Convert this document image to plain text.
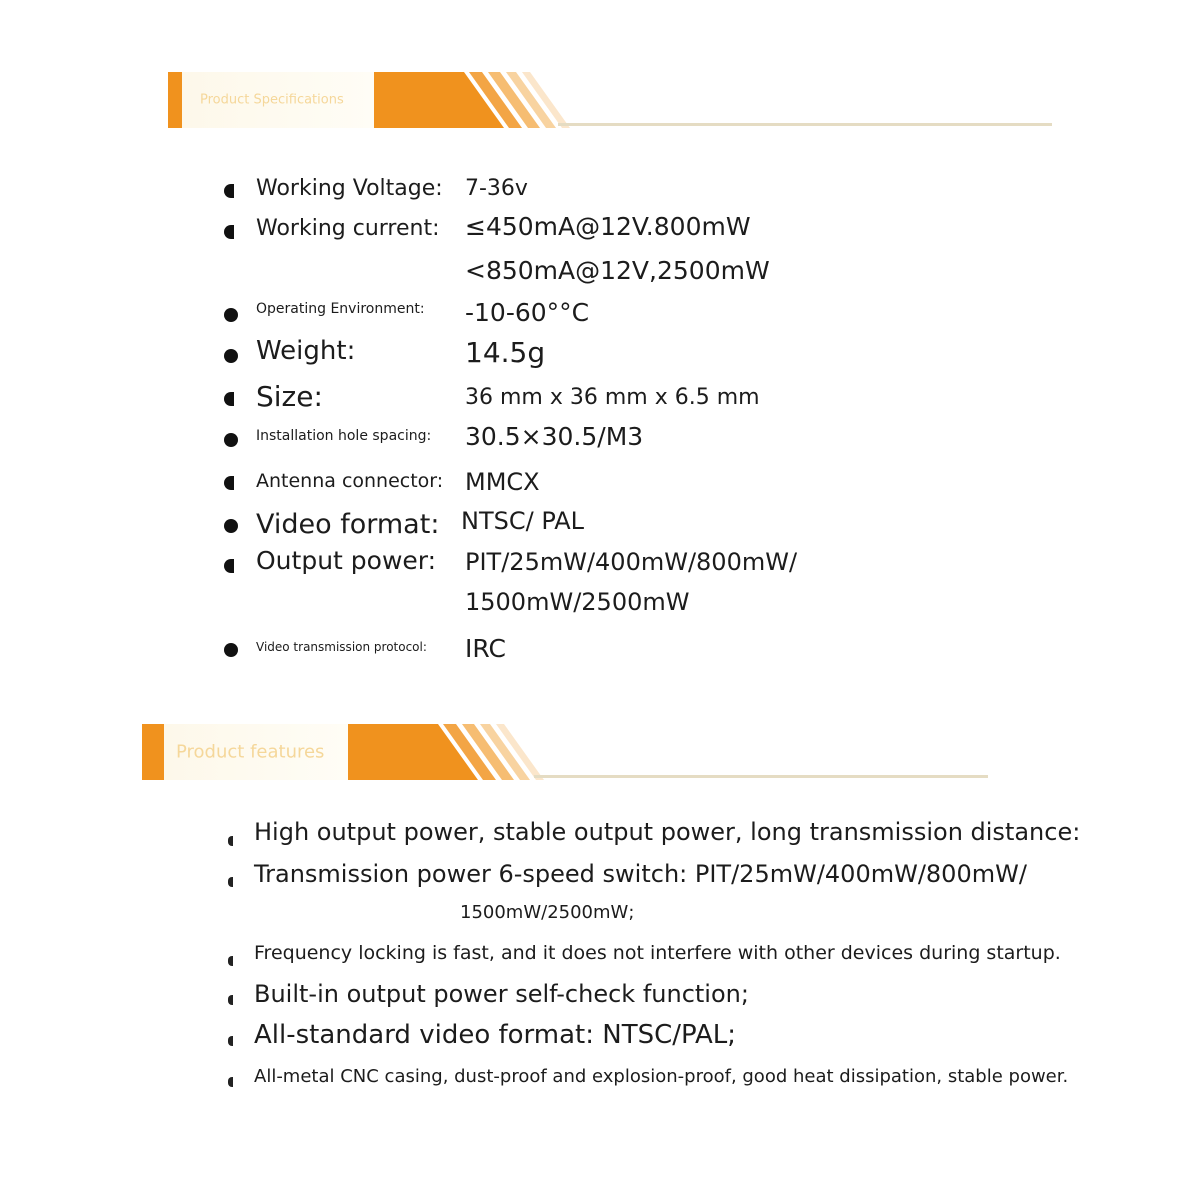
Product Specifications
Working Voltage: 7-36v
Working current: ≤450mA@12V.800mW
<850mA@12V,2500mW
Operating Environment: -10-60°°C
Weight:	14.5g
Size:	36 mm x 36 mm x 6.5 mm
Installation hole spacing: 30.5×30.5/M3
Antenna connector: MMCX
Video format: NTSC/ PAL
Output power: PIT/25mW/400mW/800mW/
1500mW/2500mW
Video transmission protocol: IRC
Product features
High output power, stable output power, long transmission distance:
Transmission power 6-speed switch: PIT/25mW/400mW/800mW/
1500mW/2500mW;
Frequency locking is fast, and it does not interfere with other devices during startup.
Built-in output power self-check function;
All-standard video format: NTSC/PAL;
All-metal CNC casing, dust-proof and explosion-proof, good heat dissipation, stable power.
